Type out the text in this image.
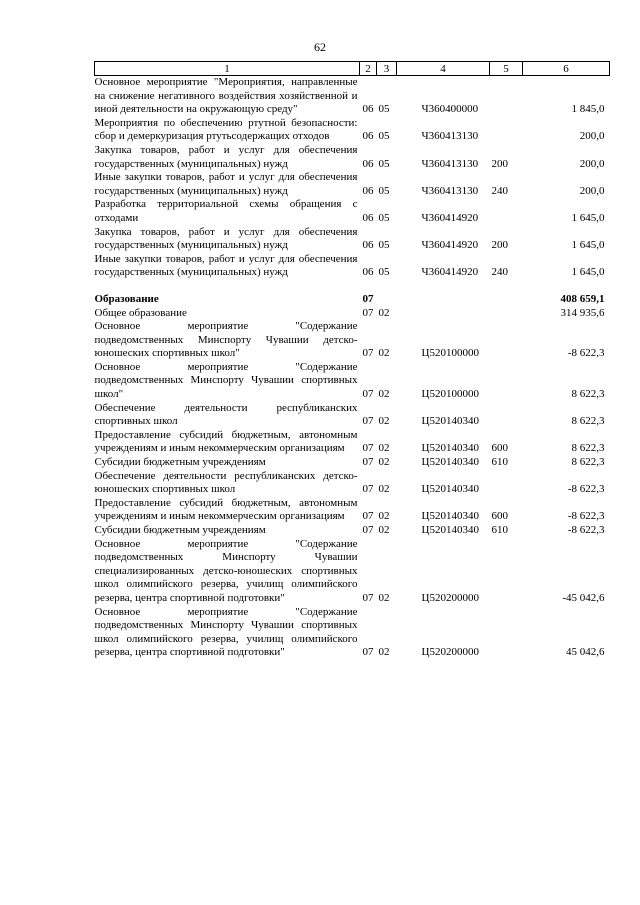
62
1	2	3	4	5	6
Основное мероприятие "Мероприятия, направленные на снижение негативного воздействия хозяйственной и иной деятельности на окружающую среду"	06	05	Ч360400000		1 845,0
Мероприятия по обеспечению ртутной безопасности: сбор и демеркуризация ртутьсодержащих отходов	06	05	Ч360413130		200,0
Закупка товаров, работ и услуг для обеспечения государственных (муниципальных) нужд	06	05	Ч360413130	200	200,0
Иные закупки товаров, работ и услуг для обеспечения государственных (муниципальных) нужд	06	05	Ч360413130	240	200,0
Разработка территориальной схемы обращения с отходами	06	05	Ч360414920		1 645,0
Закупка товаров, работ и услуг для обеспечения государственных (муниципальных) нужд	06	05	Ч360414920	200	1 645,0
Иные закупки товаров, работ и услуг для обеспечения государственных (муниципальных) нужд	06	05	Ч360414920	240	1 645,0

Образование	07				408 659,1
Общее образование	07	02			314 935,6
Основное мероприятие "Содержание подведомственных Минспорту Чувашии детско-юношеских спортивных школ"	07	02	Ц520100000		-8 622,3
Основное мероприятие "Содержание подведомственных Минспорту Чувашии спортивных школ"	07	02	Ц520100000		8 622,3
Обеспечение деятельности республиканских спортивных школ	07	02	Ц520140340		8 622,3
Предоставление субсидий бюджетным, автономным учреждениям и иным некоммерческим организациям	07	02	Ц520140340	600	8 622,3
Субсидии бюджетным учреждениям	07	02	Ц520140340	610	8 622,3
Обеспечение деятельности республиканских детско-юношеских спортивных школ	07	02	Ц520140340		-8 622,3
Предоставление субсидий бюджетным, автономным учреждениям и иным некоммерческим организациям	07	02	Ц520140340	600	-8 622,3
Субсидии бюджетным учреждениям	07	02	Ц520140340	610	-8 622,3
Основное мероприятие "Содержание подведомственных Минспорту Чувашии специализированных детско-юношеских спортивных школ олимпийского резерва, училищ олимпийского резерва, центра спортивной подготовки"	07	02	Ц520200000		-45 042,6
Основное мероприятие "Содержание подведомственных Минспорту Чувашии спортивных школ олимпийского резерва, училищ олимпийского резерва, центра спортивной подготовки"	07	02	Ц520200000		45 042,6
